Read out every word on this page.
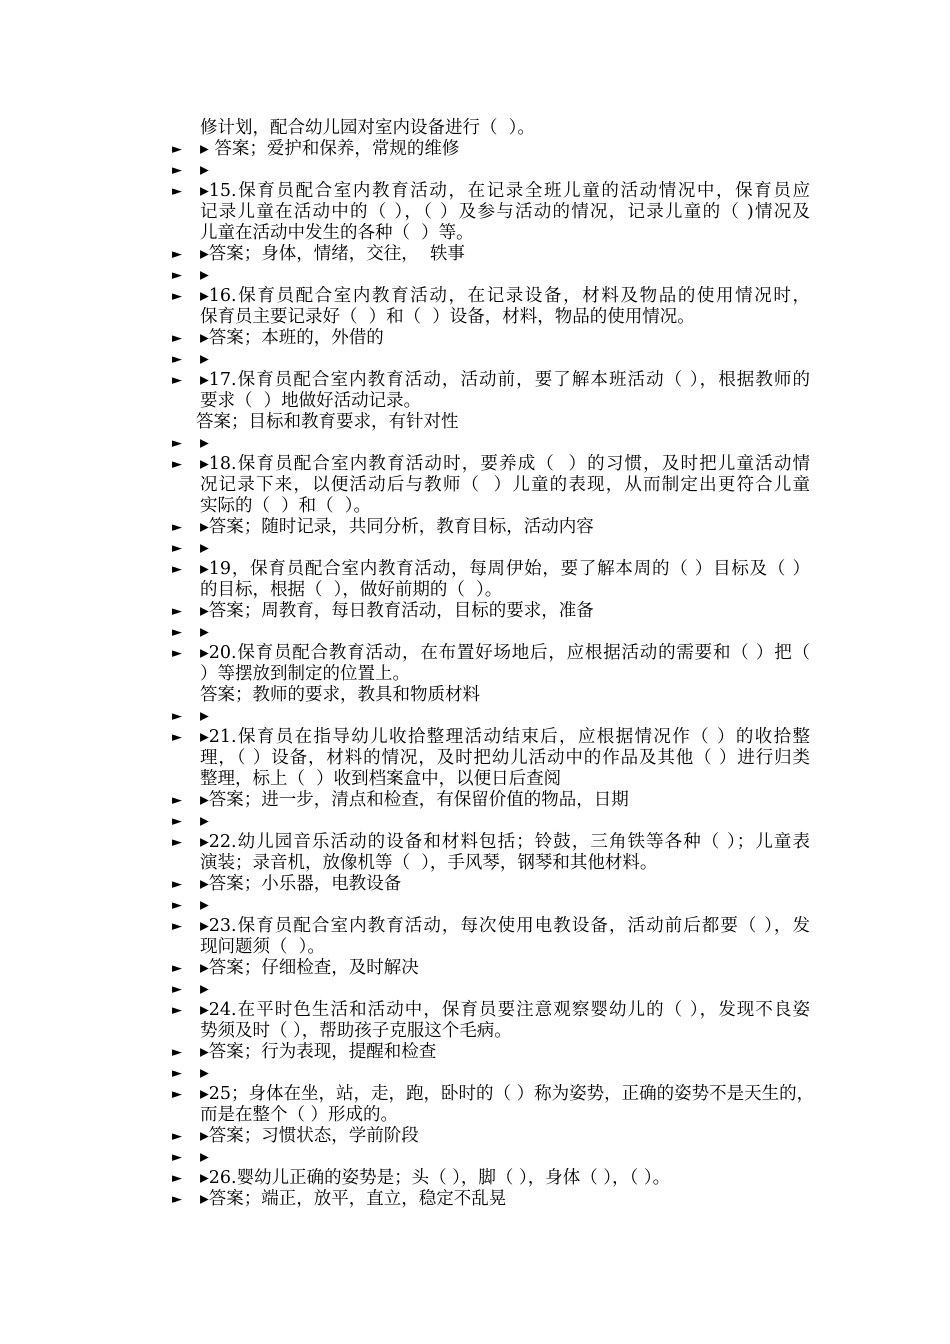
修计划，配合幼儿园对室内设备进行（  ）。
► ▸ 答案；爱护和保养，常规的维修
► ▸
► ▸15.保育员配合室内教育活动，在记录全班儿童的活动情况中，保育员应
记录儿童在活动中的（ ），（ ）及参与活动的情况，记录儿童的（ )情况及
儿童在活动中发生的各种（  ）等。
► ▸答案；身体，情绪，交往，  轶事
► ▸
► ▸16.保育员配合室内教育活动，在记录设备，材料及物品的使用情况时，
保育员主要记录好（  ）和（  ）设备，材料，物品的使用情况。
► ▸答案；本班的，外借的
► ▸
► ▸17.保育员配合室内教育活动，活动前，要了解本班活动（ ），根据教师的
要求（  ）地做好活动记录。
答案；目标和教育要求，有针对性
► ▸
► ▸18.保育员配合室内教育活动时，要养成（  ）的习惯，及时把儿童活动情
况记录下来，以便活动后与教师（  ）儿童的表现，从而制定出更符合儿童
实际的（  ）和（  ）。
► ▸答案；随时记录，共同分析，教育目标，活动内容
► ▸
► ▸19，保育员配合室内教育活动，每周伊始，要了解本周的（ ）目标及（ ）
的目标，根据（  ），做好前期的（  ）。
► ▸答案；周教育，每日教育活动，目标的要求，准备
► ▸
► ▸20.保育员配合教育活动，在布置好场地后，应根据活动的需要和（ ）把（
）等摆放到制定的位置上。
答案；教师的要求，教具和物质材料
► ▸
► ▸21.保育员在指导幼儿收拾整理活动结束后，应根据情况作（ ）的收拾整
理，（ ）设备，材料的情况，及时把幼儿活动中的作品及其他（ ）进行归类
整理，标上（  ）收到档案盒中，以便日后查阅
► ▸答案；进一步，清点和检查，有保留价值的物品，日期
► ▸
► ▸22.幼儿园音乐活动的设备和材料包括；铃鼓，三角铁等各种（ ）；儿童表
演装；录音机，放像机等（  ），手风琴，钢琴和其他材料。
► ▸答案；小乐器，电教设备
► ▸
► ▸23.保育员配合室内教育活动，每次使用电教设备，活动前后都要（ ），发
现问题须（  ）。
► ▸答案；仔细检查，及时解决
► ▸
► ▸24.在平时色生活和活动中，保育员要注意观察婴幼儿的（ ），发现不良姿
势须及时（ ），帮助孩子克服这个毛病。
► ▸答案；行为表现，提醒和检查
► ▸
► ▸25；身体在坐，站，走，跑，卧时的（ ）称为姿势，正确的姿势不是天生的，
而是在整个（ ）形成的。
► ▸答案；习惯状态，学前阶段
► ▸
► ▸26.婴幼儿正确的姿势是；头（ ），脚（ ），身体（ ），（ ）。
► ▸答案；端正，放平，直立，稳定不乱晃
